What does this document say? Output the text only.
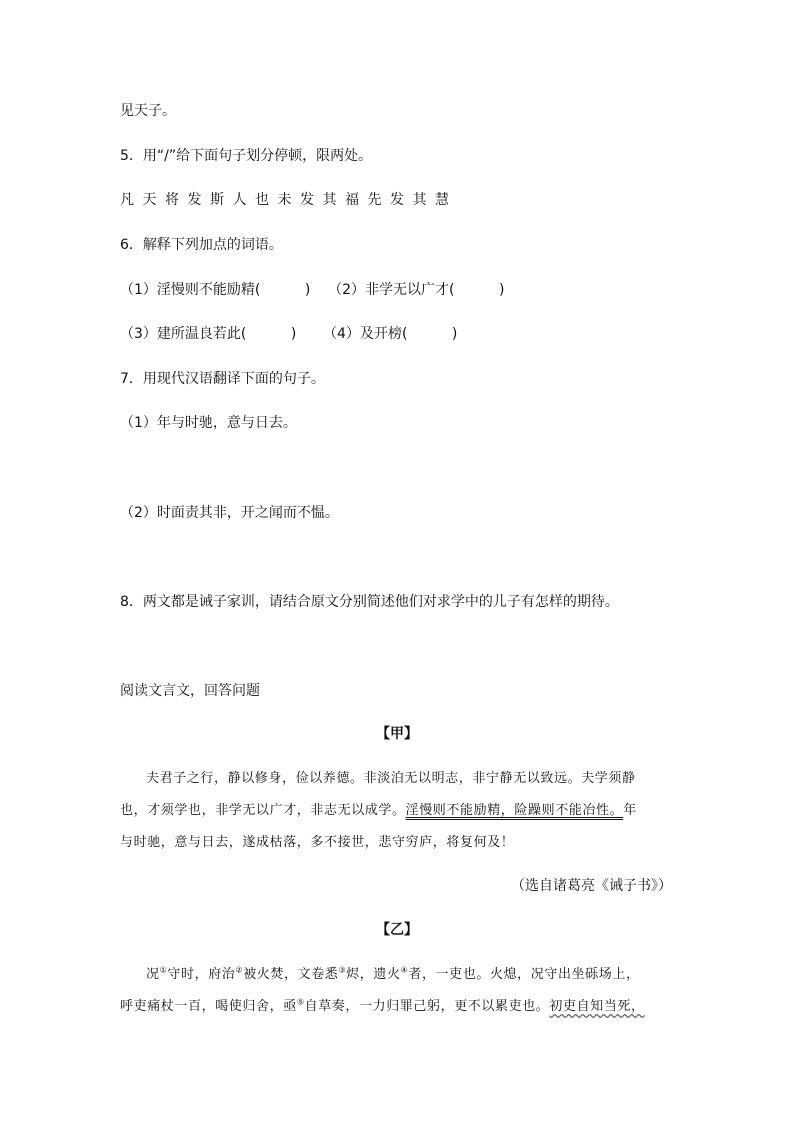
见天子。
5．用“/”给下面句子划分停顿，限两处。
凡天将发斯人也未发其福先发其慧
6．解释下列加点的词语。
（1）淫慢则不能励精(          )    （2）非学无以广才(          )
（3）建所温良若此(          )      （4）及开榜(          )
7．用现代汉语翻译下面的句子。
（1）年与时驰，意与日去。
（2）时面责其非，开之闻而不愠。
8．两文都是诫子家训，请结合原文分别简述他们对求学中的儿子有怎样的期待。
阅读文言文，回答问题
【甲】
夫君子之行，静以修身，俭以养德。非淡泊无以明志，非宁静无以致远。夫学须静
也，才须学也，非学无以广才，非志无以成学。淫慢则不能励精，险躁则不能冶性。年
与时驰，意与日去，遂成枯落，多不接世，悲守穷庐，将复何及！
（选自诸葛亮《诫子书》）
【乙】
况①守时，府治②被火焚，文卷悉③烬，遗火④者，一吏也。火熄，况守出坐砾场上，
呼吏痛杖一百，喝使归舍，亟⑤自草奏，一力归罪己躬，更不以累吏也。初吏自知当死，
